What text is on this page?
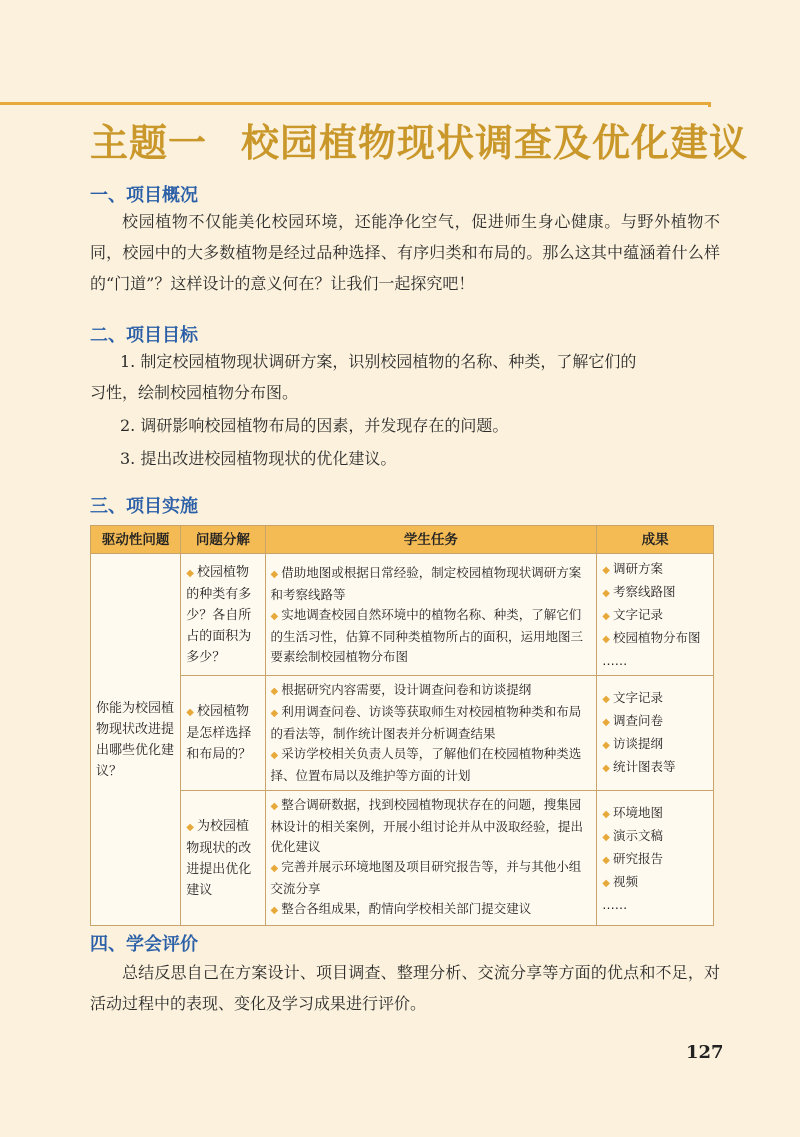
主题一 校园植物现状调查及优化建议
一、项目概况
校园植物不仅能美化校园环境，还能净化空气，促进师生身心健康。与野外植物不同，校园中的大多数植物是经过品种选择、有序归类和布局的。那么这其中蕴涵着什么样的“门道”？这样设计的意义何在？让我们一起探究吧！
二、项目目标
1. 制定校园植物现状调研方案，识别校园植物的名称、种类，了解它们的
习性，绘制校园植物分布图。
2. 调研影响校园植物布局的因素，并发现存在的问题。
3. 提出改进校园植物现状的优化建议。
三、项目实施
驱动性问题	问题分解	学生任务	成果
你能为校园植物现状改进提出哪些优化建议？	◆ 校园植物的种类有多少？各自所占的面积为多少？	◆ 借助地图或根据日常经验，制定校园植物现状调研方案和考察线路等
◆ 实地调查校园自然环境中的植物名称、种类，了解它们的生活习性，估算不同种类植物所占的面积，运用地图三要素绘制校园植物分布图	◆ 调研方案
◆ 考察线路图
◆ 文字记录
◆ 校园植物分布图
……

	◆ 校园植物是怎样选择和布局的？	◆ 根据研究内容需要，设计调查问卷和访谈提纲
◆ 利用调查问卷、访谈等获取师生对校园植物种类和布局的看法等，制作统计图表并分析调查结果
◆ 采访学校相关负责人员等，了解他们在校园植物种类选择、位置布局以及维护等方面的计划	◆ 文字记录
◆ 调查问卷
◆ 访谈提纲
◆ 统计图表等

	◆ 为校园植物现状的改进提出优化建议	◆ 整合调研数据，找到校园植物现状存在的问题，搜集园林设计的相关案例，开展小组讨论并从中汲取经验，提出优化建议
◆ 完善并展示环境地图及项目研究报告等，并与其他小组交流分享
◆ 整合各组成果，酌情向学校相关部门提交建议	◆ 环境地图
◆ 演示文稿
◆ 研究报告
◆ 视频
……
四、学会评价
总结反思自己在方案设计、项目调查、整理分析、交流分享等方面的优点和不足，对活动过程中的表现、变化及学习成果进行评价。
127
